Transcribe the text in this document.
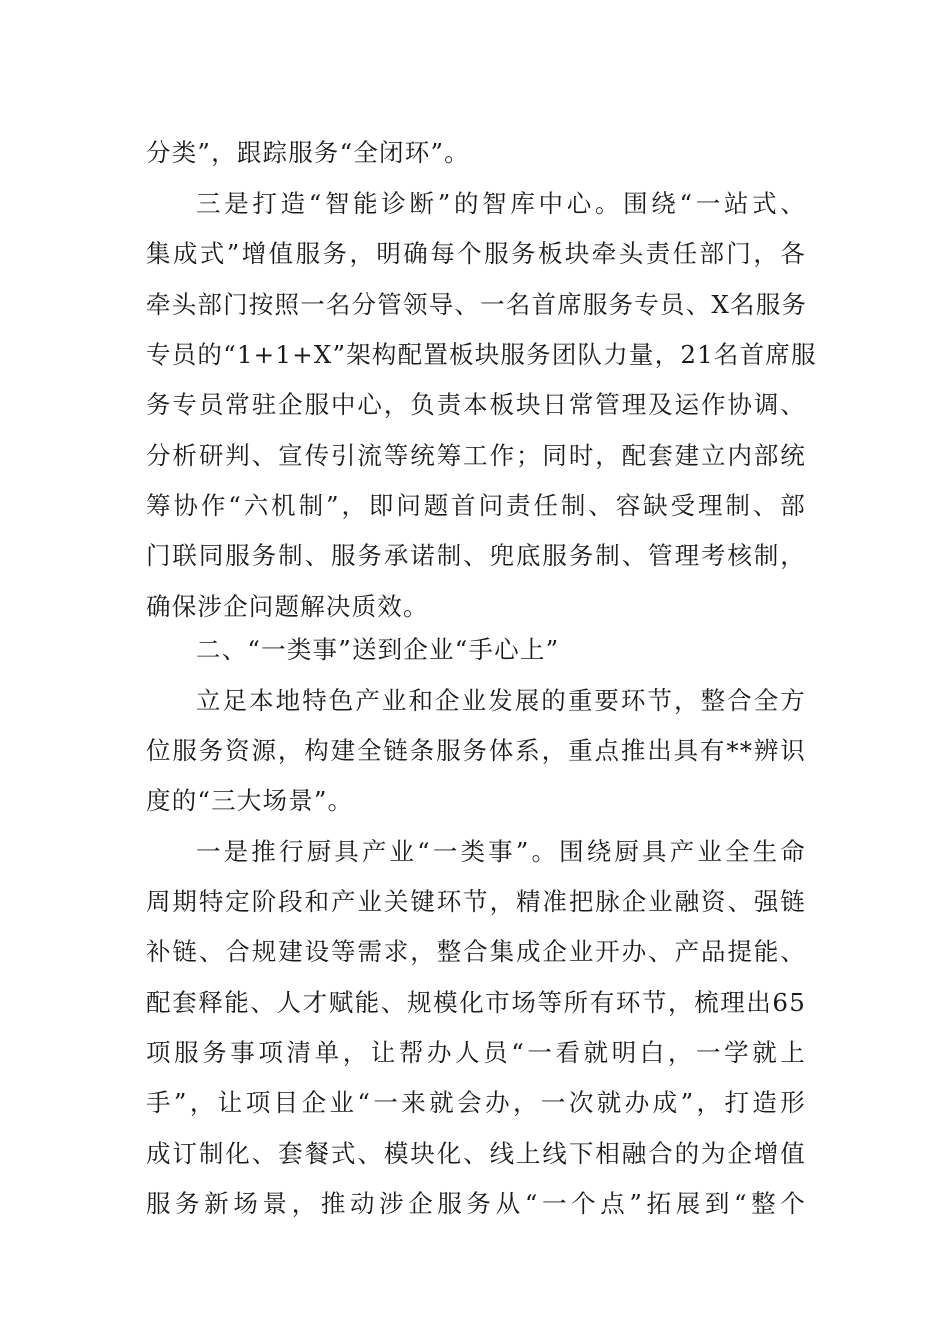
分类”，跟踪服务“全闭环”。
三是打造“智能诊断”的智库中心。围绕“一站式、
集成式”增值服务，明确每个服务板块牵头责任部门，各
牵头部门按照一名分管领导、一名首席服务专员、X名服务
专员的“1+1+X”架构配置板块服务团队力量，21名首席服
务专员常驻企服中心，负责本板块日常管理及运作协调、
分析研判、宣传引流等统筹工作；同时，配套建立内部统
筹协作“六机制”，即问题首问责任制、容缺受理制、部
门联同服务制、服务承诺制、兜底服务制、管理考核制，
确保涉企问题解决质效。
二、“一类事”送到企业“手心上”
立足本地特色产业和企业发展的重要环节，整合全方
位服务资源，构建全链条服务体系，重点推出具有**辨识
度的“三大场景”。
一是推行厨具产业“一类事”。围绕厨具产业全生命
周期特定阶段和产业关键环节，精准把脉企业融资、强链
补链、合规建设等需求，整合集成企业开办、产品提能、
配套释能、人才赋能、规模化市场等所有环节，梳理出65
项服务事项清单，让帮办人员“一看就明白，一学就上
手”，让项目企业“一来就会办，一次就办成”，打造形
成订制化、套餐式、模块化、线上线下相融合的为企增值
服务新场景，推动涉企服务从“一个点”拓展到“整个
